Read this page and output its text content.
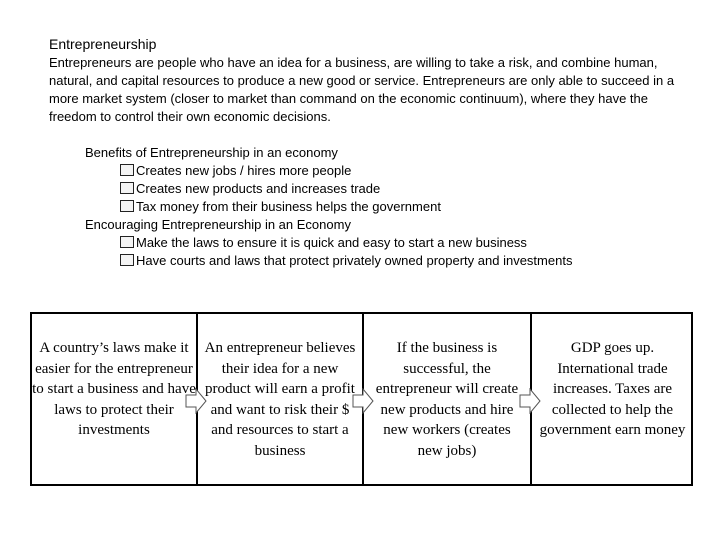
Entrepreneurship

Entrepreneurs are people who have an idea for a business, are willing to take a risk, and combine human, natural, and capital resources to produce a new good or service. Entrepreneurs are only able to succeed in a more market system (closer to market than command on the economic continuum), where they have the freedom to control their own economic decisions.

Benefits of Entrepreneurship in an economy
Creates new jobs / hires more people
Creates new products and increases trade
Tax money from their business helps the government
Encouraging Entrepreneurship in an Economy
Make the laws to ensure it is quick and easy to start a new business
Have courts and laws that protect privately owned property and investments
A country’s laws make it easier for the entrepreneur to start a business and have laws to protect their investments
An entrepreneur believes their idea for a new product will earn a profit and want to risk their $ and resources to start a business
If the business is successful, the entrepreneur will create new products and hire new workers (creates new jobs)
GDP goes up. International trade increases. Taxes are collected to help the government earn money
